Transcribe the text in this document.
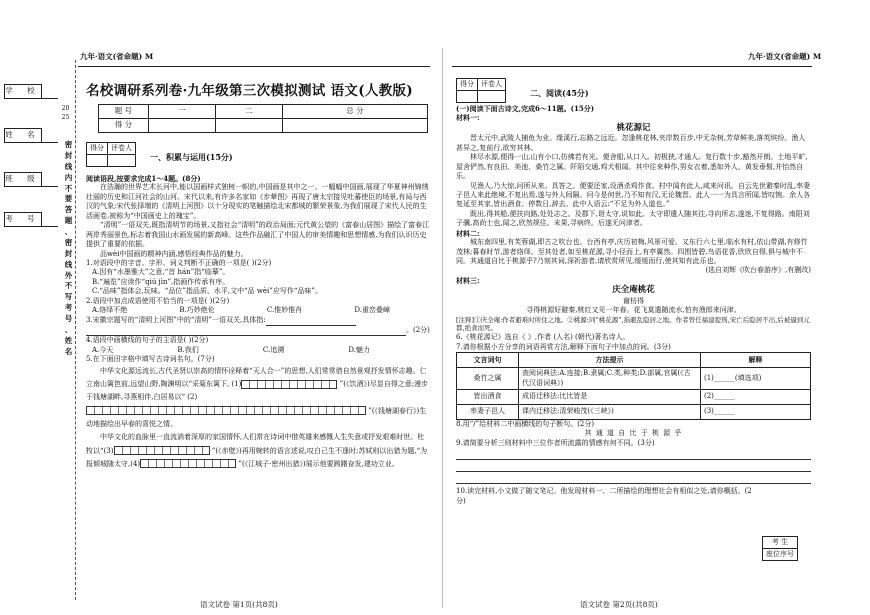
九年·语文(省命题) M
学 校
姓 名
班 级
考 号
2025
密 封 线 内 不 要 答 题 、 密 封 线 外 不 写 考 号 、 姓 名
名校调研系列卷·九年级第三次模拟测试 语文(人教版)
题 号	一	二	总 分
得 分			
得分	评卷人

一、积累与运用(15分)

阅读语段,按要求完成1～4题。(8分)

在浩瀚的世界艺术长河中,能以国画样式独树一帜的,中国画是其中之一。一幅幅中国画,展现了华夏神州锦绣壮丽的历史和江河社会的山河。宋代以来,有许多名家如《步辇图》再现了唐太宗接见吐蕃使臣的场景,有局与西汉的气象;宋代张择端的《清明上河图》以十分现实的笔触描绘北宋都城的繁荣景象,为我们展现了宋代人民的生活画卷,被称为“中国画史上的瑰宝”。

“清明”一语双关,既指清明节的场景,又指社会“清明”的政治局面;元代黄公望的《富春山居图》描绘了富春江两岸秀丽景色,标志着我国山水画发展的新高峰。这些作品融汇了中国人的审美情趣和思想情感,为我们认识历史提供了重要的依据。

品wèi中国画的精神内涵,感悟经典作品的魅力。

1.对语段中的字音、字形、词义判断不正确的一项是( )(2分)

A.因有“水墨雅大”之意,“首 hán”指“临摹”。

B.“遍览”应读作“qiú jìn”,指画作传承有序。

C.“品味”指体会,玩味。“品位”指品质、水平,文中“品 wèi”应写作“品味”。

2.语段中加点成语使用不恰当的一项是( )(2分)

A.络绎不绝	B.巧妙绝伦	C.惟妙惟肖	D.重峦叠嶂

3.宋徽宗题写的“清明上河图”中的“清明”一语双关,具体指:

。(2分)

4.语段中画横线的句子的主语是( )(2分)

A.今天	B.我们	C.追溯	D.魅力

5.在下面田字格中填写古诗词名句。(7分)

中华文化源远流长,古代圣贤以崇高的情怀诠释着“天人合一”的思想,人们常常借自然景观抒发情怀志趣。仁立南山篱笆前,远望山野,陶渊明以“采菊东篱下, (1)	”(《饮酒》)尽显自得之意;漫步于钱塘湖畔,寻燕相伴,白居易以“ (2) ”(《钱塘湖春行》)生动地描绘出早春的喜悦之情。

中华文化的血脉里一直流淌着深厚的家国情怀,人们常在诗词中借英雄来感慨人生失意或抒发艰难时世。杜牧以“(3)	”(《赤壁》)再用婉转的语言述说,叹白己生不逢时;苏轼则以出猎为题,“为报倾城随太守,(4)	”(《江城子·密州出猎》)展示他要踌躇奋发,建功立业。

语文试卷 第1页(共8页)
九年·语文(省命题) M
得分	评卷人

二、阅读(45分)

(一)阅读下面古诗文,完成6～11题。(15分)

材料一:

桃花源记

晋太元中,武陵人捕鱼为业。缘溪行,忘路之远近。忽逢桃花林,夹岸数百步,中无杂树,芳草鲜美,落英缤纷。渔人甚异之,复前行,欲穷其林。

林尽水源,便得一山,山有小口,仿佛若有光。便舍船,从口入。初极狭,才通人。复行数十步,豁然开朗。土地平旷,屋舍俨然,有良田、美池、桑竹之属。阡陌交通,鸡犬相闻。其中往来种作,男女衣着,悉如外人。黄发垂髫,并怡然自乐。

见渔人,乃大惊,问所从来。具答之。便要还家,设酒杀鸡作食。村中闻有此人,咸来问讯。自云先世避秦时乱,率妻子邑人来此绝境,不复出焉,遂与外人间隔。问今是何世,乃不知有汉,无论魏晋。此人一一为具言所闻,皆叹惋。余人各复延至其家,皆出酒食。停数日,辞去。此中人语云:“不足为外人道也。”

既出,得其船,便扶向路,处处志之。及郡下,诣太守,说如此。太守即遣人随其往,寻向所志,遂迷,不复得路。南阳刘子骥,高尚士也,闻之,欣然规往。未果,寻病终。后遂无问津者。

材料二:

城东南四里,有芙蓉湖,即古之吹台也。台西有亭,庆历初梅,风景可爱。又东行六七里,临水有村,依山带湖,有修竹茂林;暮春时节,游者络绎。至其处者,如至桃花源,寻小径而上,有亭翼然。四围皆碧,鸟语花香,欣欣自得,俱与城中不同。其通道自比于桃源乎?乃刻其词,深祈游者,请欣赏所见,缓缓而行,使其知有此乐也。

(选自刘辉《吹台春游序》,有删改)

材料三:

庆全庵桃花

谢枋得

寻得桃源好避秦,桃红又见一年春。花飞莫遣随流水,怕有渔郎来问津。

[注释]①庆全庵:作者避难时所住之地。②桃源:同“桃花源”,指避乱隐居之地。作者曾任福建提刑,宋亡后隐居不出,后被逼到元都,绝食而死。

6.《桃花源记》选自《 》,作者 (人名) (朝代)著名诗人。

7.请你根据小方分享的词语再赏方法,解释下面句子中加点的词。(3分)

文言词句	方法提示	解释
桑竹之属	查阅词典法:A.连接;B.隶属;C.类,种类;D.部属,官属(《古代汉语词典》)	(1)______(填选项)
皆出酒食	成语迁移法:比比皆是	(2)______
率妻子邑人	课内迁移法:清荣峻茂(《三峡》)	(3)______

8.用“/”给材料二中画横线的句子断句。(2分)

其 通 道 自 比 于 桃 源 乎

9.请简要分析三则材料中三位作者所流露的情感有何不同。(3分)

10.读完材料,小文做了随文笔记。他发现材料一、二所描绘的理想社会有相似之处,请你概括。(2分)

考 生
座位序号
语文试卷 第2页(共8页)
